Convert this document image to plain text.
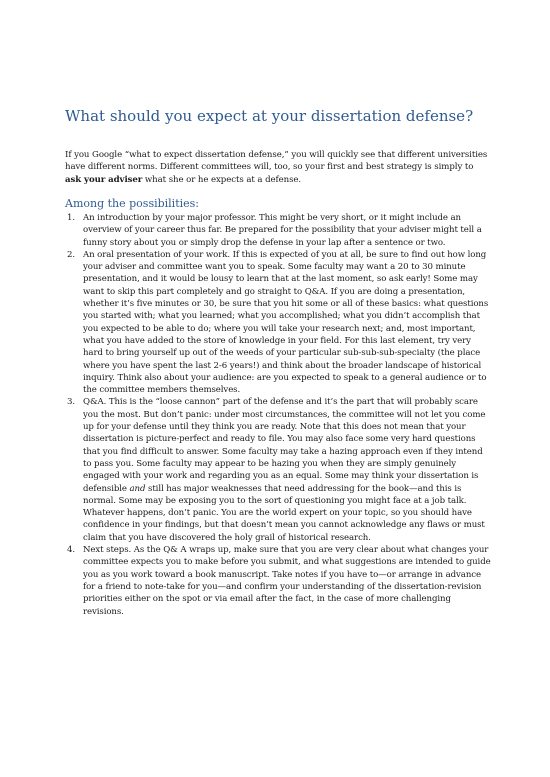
What should you expect at your dissertation defense?

If you Google “what to expect dissertation defense,” you will quickly see that different universities have different norms. Different committees will, too, so your first and best strategy is simply to ask your adviser what she or he expects at a defense.

Among the possibilities:
1. An introduction by your major professor. This might be very short, or it might include an overview of your career thus far. Be prepared for the possibility that your adviser might tell a funny story about you or simply drop the defense in your lap after a sentence or two.
2. An oral presentation of your work. If this is expected of you at all, be sure to find out how long your adviser and committee want you to speak. Some faculty may want a 20 to 30 minute presentation, and it would be lousy to learn that at the last moment, so ask early! Some may want to skip this part completely and go straight to Q&A. If you are doing a presentation, whether it’s five minutes or 30, be sure that you hit some or all of these basics: what questions you started with; what you learned; what you accomplished; what you didn’t accomplish that you expected to be able to do; where you will take your research next; and, most important, what you have added to the store of knowledge in your field. For this last element, try very hard to bring yourself up out of the weeds of your particular sub-sub-sub-specialty (the place where you have spent the last 2-6 years!) and think about the broader landscape of historical inquiry. Think also about your audience: are you expected to speak to a general audience or to the committee members themselves.
3. Q&A. This is the “loose cannon” part of the defense and it’s the part that will probably scare you the most. But don’t panic: under most circumstances, the committee will not let you come up for your defense until they think you are ready. Note that this does not mean that your dissertation is picture-perfect and ready to file. You may also face some very hard questions that you find difficult to answer. Some faculty may take a hazing approach even if they intend to pass you. Some faculty may appear to be hazing you when they are simply genuinely engaged with your work and regarding you as an equal. Some may think your dissertation is defensible and still has major weaknesses that need addressing for the book—and this is normal. Some may be exposing you to the sort of questioning you might face at a job talk. Whatever happens, don’t panic. You are the world expert on your topic, so you should have confidence in your findings, but that doesn’t mean you cannot acknowledge any flaws or must claim that you have discovered the holy grail of historical research.
4. Next steps. As the Q& A wraps up, make sure that you are very clear about what changes your committee expects you to make before you submit, and what suggestions are intended to guide you as you work toward a book manuscript. Take notes if you have to—or arrange in advance for a friend to note-take for you—and confirm your understanding of the dissertation-revision priorities either on the spot or via email after the fact, in the case of more challenging revisions.
